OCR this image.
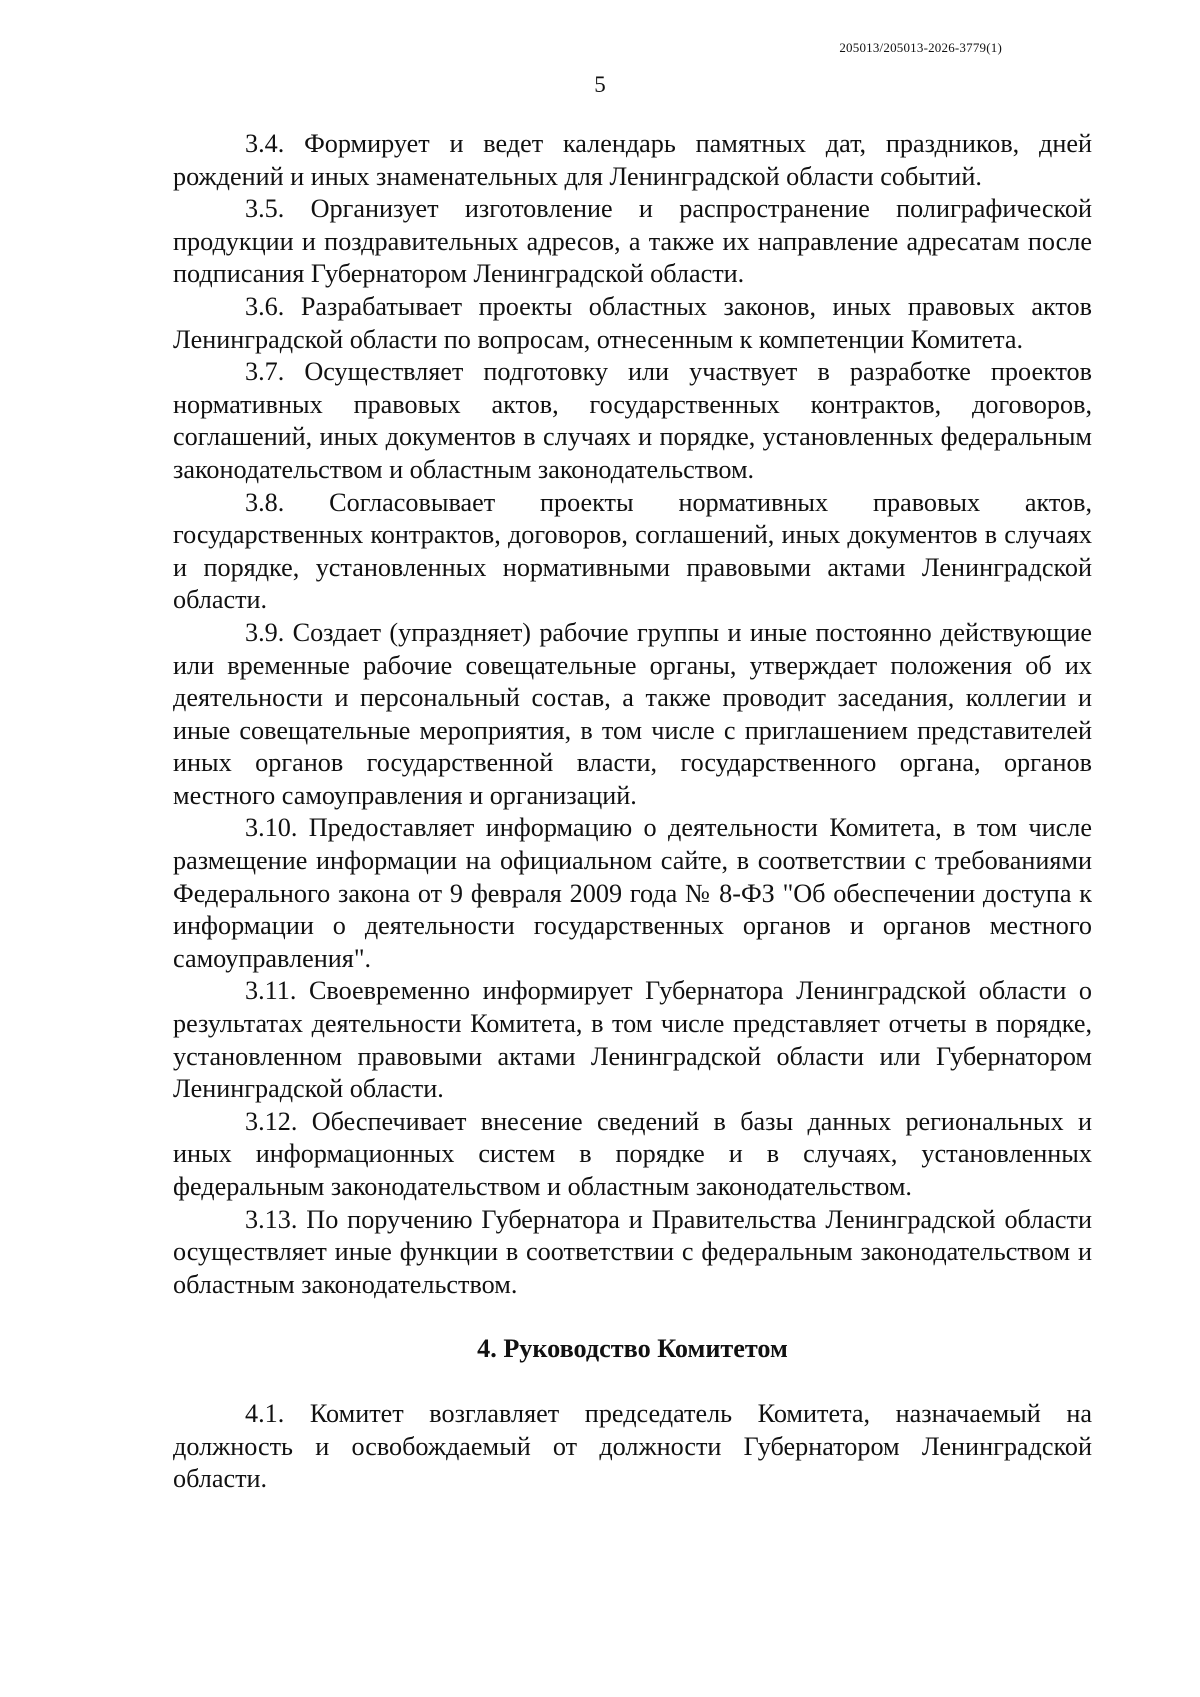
205013/205013-2026-3779(1)
5

3.4. Формирует и ведет календарь памятных дат, праздников, дней рождений и иных знаменательных для Ленинградской области событий.

3.5. Организует изготовление и распространение полиграфической продукции и поздравительных адресов, а также их направление адресатам после подписания Губернатором Ленинградской области.

3.6. Разрабатывает проекты областных законов, иных правовых актов Ленинградской области по вопросам, отнесенным к компетенции Комитета.

3.7. Осуществляет подготовку или участвует в разработке проектов нормативных правовых актов, государственных контрактов, договоров, соглашений, иных документов в случаях и порядке, установленных федеральным законодательством и областным законодательством.

3.8. Согласовывает проекты нормативных правовых актов, государственных контрактов, договоров, соглашений, иных документов в случаях и порядке, установленных нормативными правовыми актами Ленинградской области.

3.9. Создает (упраздняет) рабочие группы и иные постоянно действующие или временные рабочие совещательные органы, утверждает положения об их деятельности и персональный состав, а также проводит заседания, коллегии и иные совещательные мероприятия, в том числе с приглашением представителей иных органов государственной власти, государственного органа, органов местного самоуправления и организаций.

3.10. Предоставляет информацию о деятельности Комитета, в том числе размещение информации на официальном сайте, в соответствии с требованиями Федерального закона от 9 февраля 2009 года № 8-ФЗ "Об обеспечении доступа к информации о деятельности государственных органов и органов местного самоуправления".

3.11. Своевременно информирует Губернатора Ленинградской области о результатах деятельности Комитета, в том числе представляет отчеты в порядке, установленном правовыми актами Ленинградской области или Губернатором Ленинградской области.

3.12. Обеспечивает внесение сведений в базы данных региональных и иных информационных систем в порядке и в случаях, установленных федеральным законодательством и областным законодательством.

3.13. По поручению Губернатора и Правительства Ленинградской области осуществляет иные функции в соответствии с федеральным законодательством и областным законодательством.

4. Руководство Комитетом

4.1. Комитет возглавляет председатель Комитета, назначаемый на должность и освобождаемый от должности Губернатором Ленинградской области.
